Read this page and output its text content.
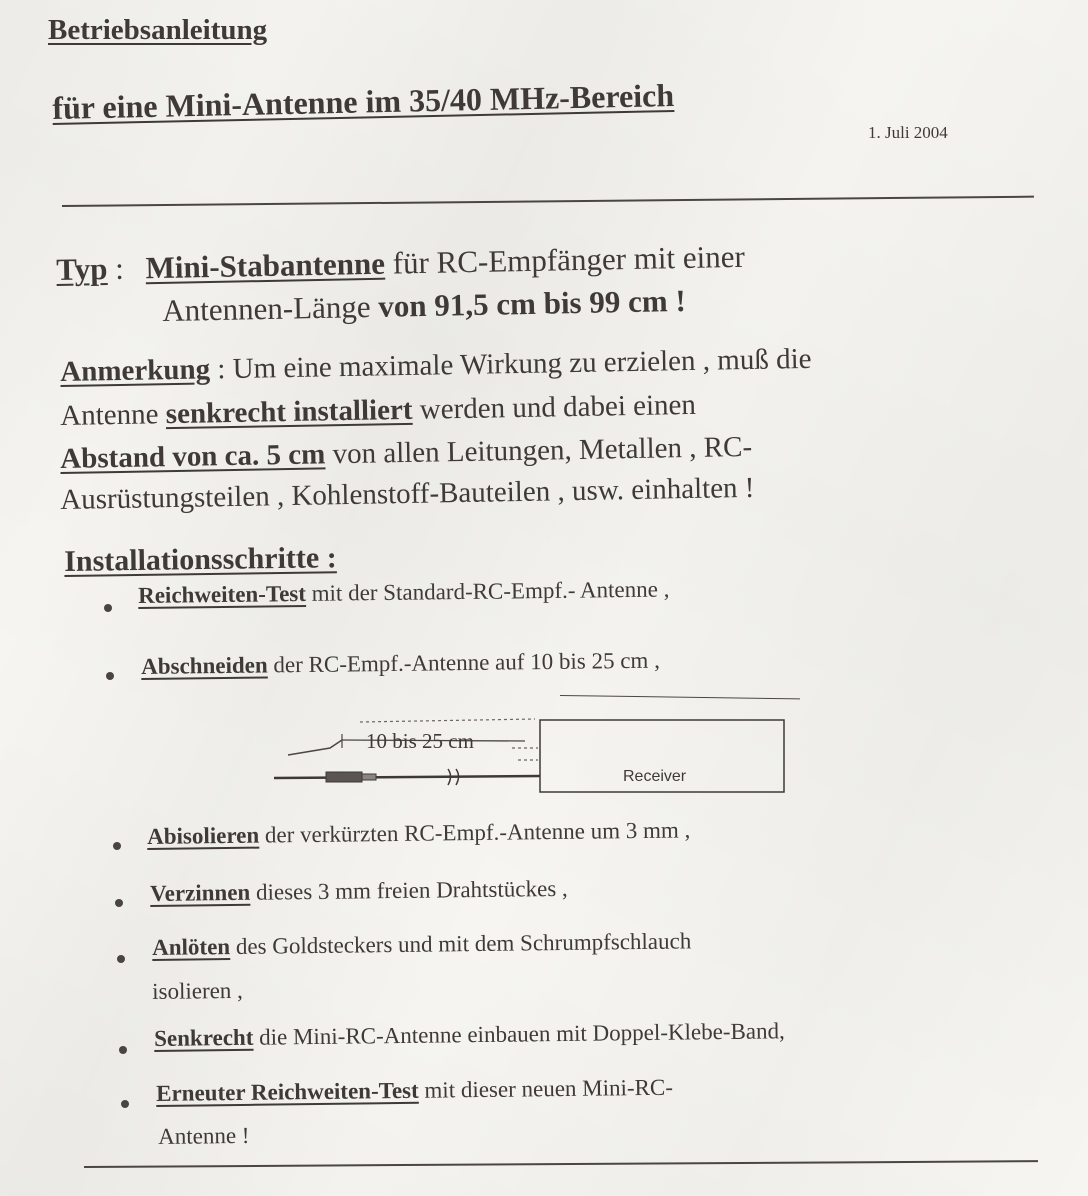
Betriebsanleitung
für eine Mini-Antenne im 35/40 MHz-Bereich
1. Juli 2004
Typ : Mini-Stabantenne für RC-Empfänger mit einer
Antennen-Länge von 91,5 cm bis 99 cm !
Anmerkung : Um eine maximale Wirkung zu erzielen , muß die
Antenne senkrecht installiert werden und dabei einen
Abstand von ca. 5 cm von allen Leitungen, Metallen , RC-
Ausrüstungsteilen , Kohlenstoff-Bauteilen , usw. einhalten !
Installationsschritte :
Reichweiten-Test mit der Standard-RC-Empf.- Antenne ,
Abschneiden der RC-Empf.-Antenne auf 10 bis 25 cm ,
10 bis 25 cm
Receiver
Abisolieren der verkürzten RC-Empf.-Antenne um 3 mm ,
Verzinnen dieses 3 mm freien Drahtstückes ,
Anlöten des Goldsteckers und mit dem Schrumpfschlauch
isolieren ,
Senkrecht die Mini-RC-Antenne einbauen mit Doppel-Klebe-Band,
Erneuter Reichweiten-Test mit dieser neuen Mini-RC-
Antenne !
